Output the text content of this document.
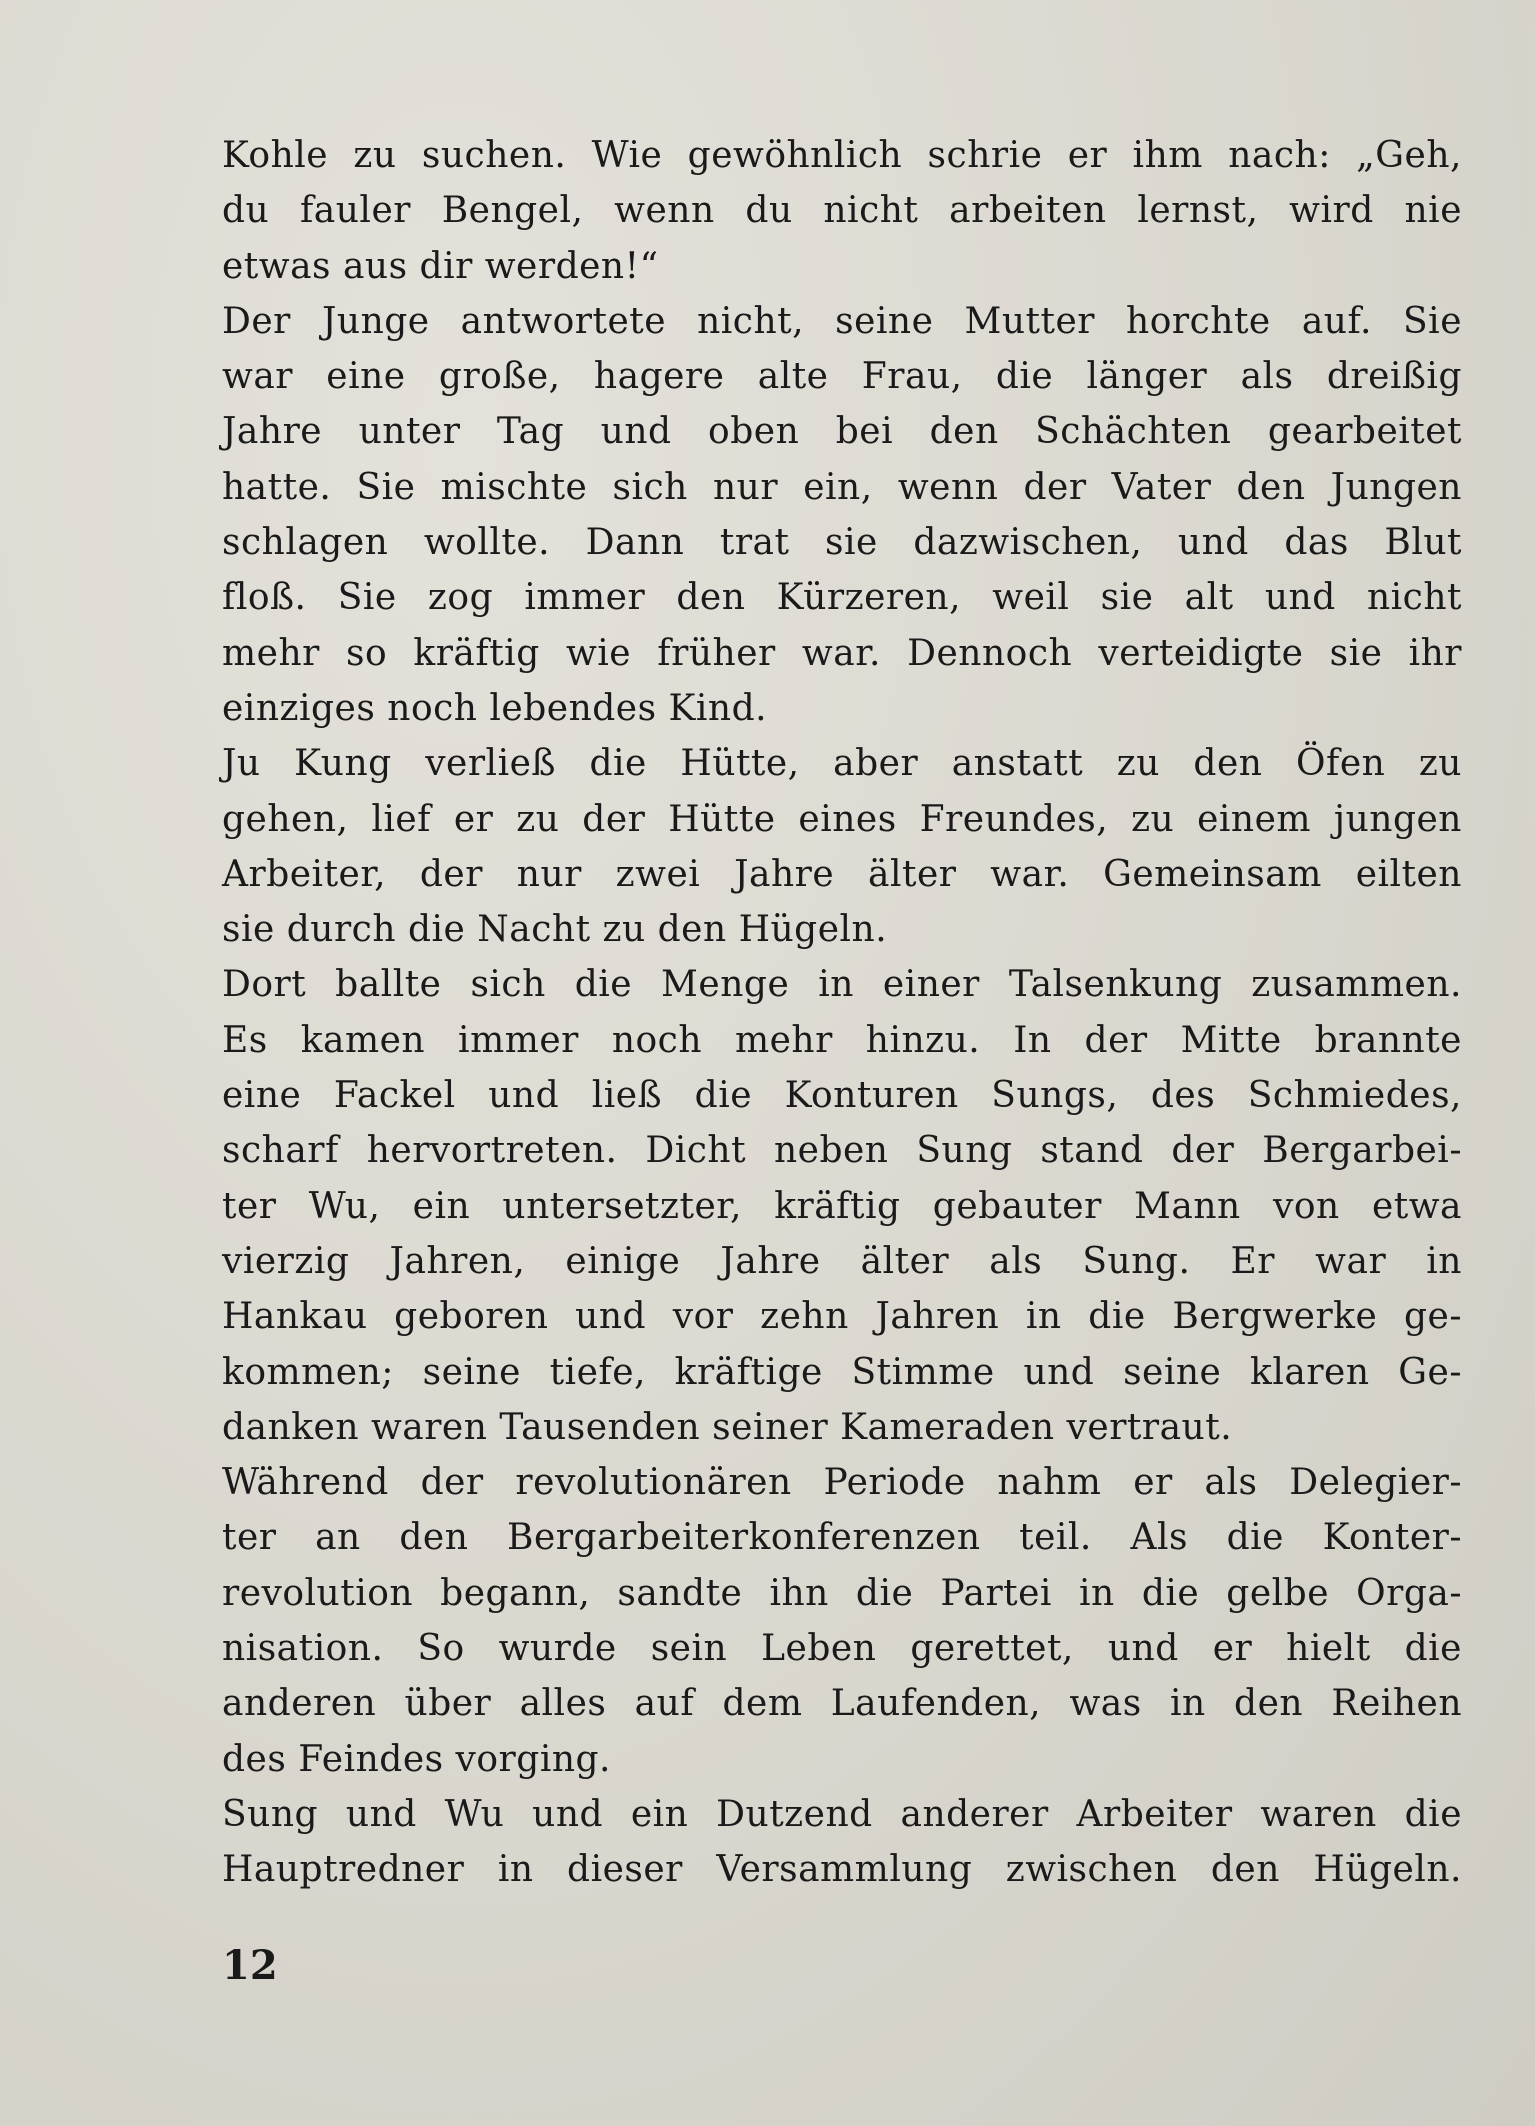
Kohle zu suchen. Wie gewöhnlich schrie er ihm nach: „Geh,
du fauler Bengel, wenn du nicht arbeiten lernst, wird nie
etwas aus dir werden!“
Der Junge antwortete nicht, seine Mutter horchte auf. Sie
war eine große, hagere alte Frau, die länger als dreißig
Jahre unter Tag und oben bei den Schächten gearbeitet
hatte. Sie mischte sich nur ein, wenn der Vater den Jungen
schlagen wollte. Dann trat sie dazwischen, und das Blut
floß. Sie zog immer den Kürzeren, weil sie alt und nicht
mehr so kräftig wie früher war. Dennoch verteidigte sie ihr
einziges noch lebendes Kind.
Ju Kung verließ die Hütte, aber anstatt zu den Öfen zu
gehen, lief er zu der Hütte eines Freundes, zu einem jungen
Arbeiter, der nur zwei Jahre älter war. Gemeinsam eilten
sie durch die Nacht zu den Hügeln.
Dort ballte sich die Menge in einer Talsenkung zusammen.
Es kamen immer noch mehr hinzu. In der Mitte brannte
eine Fackel und ließ die Konturen Sungs, des Schmiedes,
scharf hervortreten. Dicht neben Sung stand der Bergarbei-
ter Wu, ein untersetzter, kräftig gebauter Mann von etwa
vierzig Jahren, einige Jahre älter als Sung. Er war in
Hankau geboren und vor zehn Jahren in die Bergwerke ge-
kommen; seine tiefe, kräftige Stimme und seine klaren Ge-
danken waren Tausenden seiner Kameraden vertraut.
Während der revolutionären Periode nahm er als Delegier-
ter an den Bergarbeiterkonferenzen teil. Als die Konter-
revolution begann, sandte ihn die Partei in die gelbe Orga-
nisation. So wurde sein Leben gerettet, und er hielt die
anderen über alles auf dem Laufenden, was in den Reihen
des Feindes vorging.
Sung und Wu und ein Dutzend anderer Arbeiter waren die
Hauptredner in dieser Versammlung zwischen den Hügeln.
12
